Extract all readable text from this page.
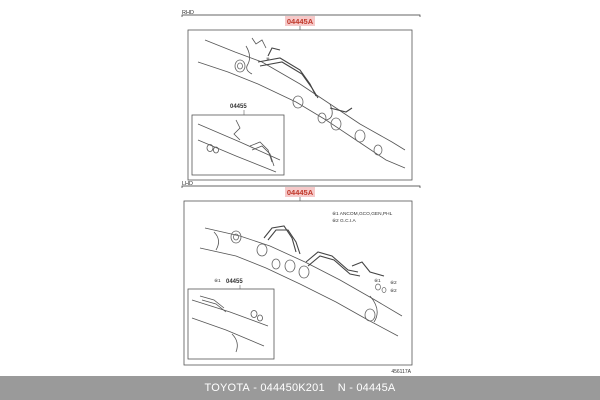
RHD
04445A
※
04455
LHD
04445A
※1 ANCOM,GCO,GEN,PHL
※2 G.C.I.A
※1 ※2
※2
※1 04455
456117A
TOYOTA - 044450K201 N - 04445A
